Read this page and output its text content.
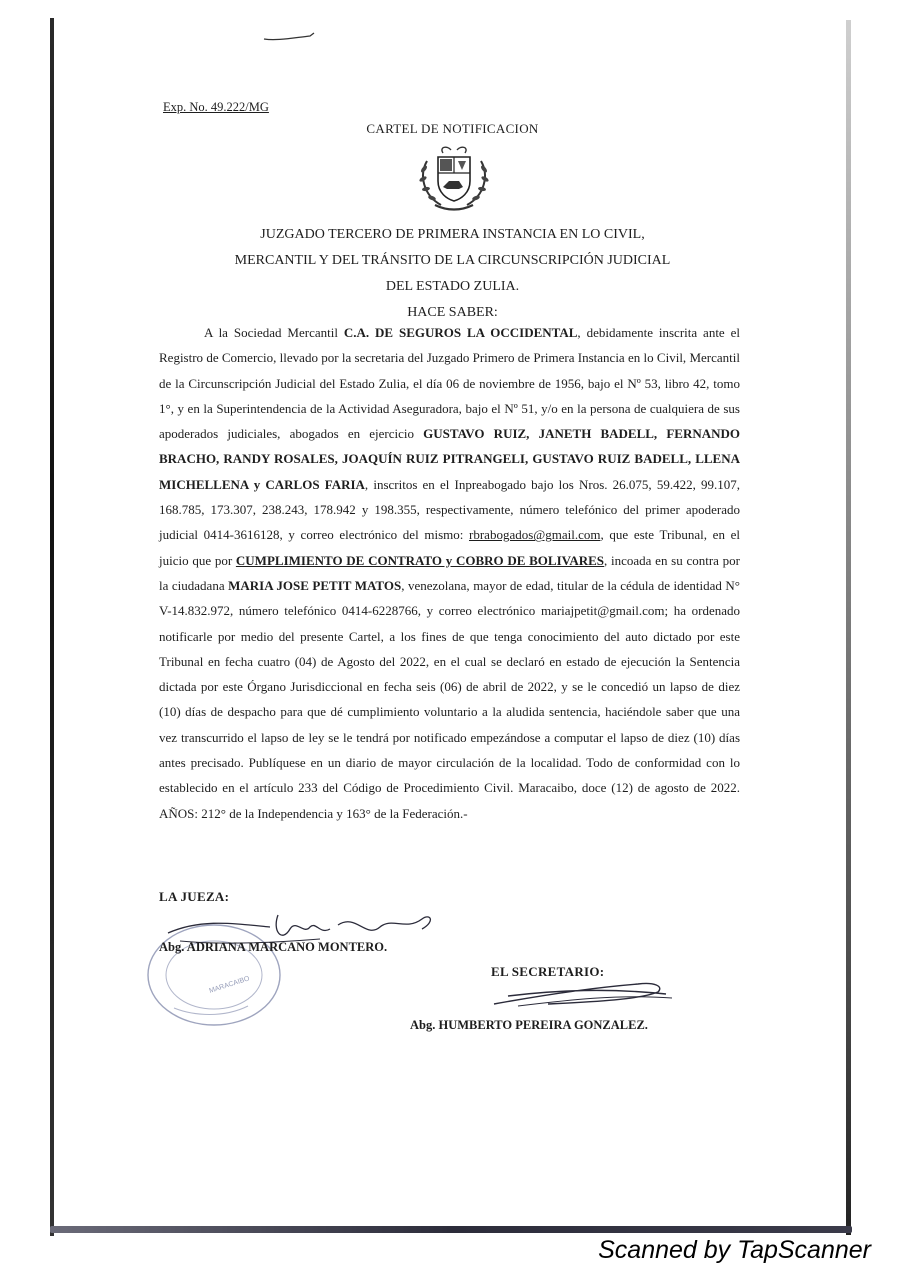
Exp. No. 49.222/MG
CARTEL DE NOTIFICACION
JUZGADO TERCERO DE PRIMERA INSTANCIA EN LO CIVIL,
MERCANTIL Y DEL TRÁNSITO DE LA CIRCUNSCRIPCIÓN JUDICIAL
DEL ESTADO ZULIA.
HACE SABER:
A la Sociedad Mercantil C.A. DE SEGUROS LA OCCIDENTAL, debidamente inscrita ante el Registro de Comercio, llevado por la secretaria del Juzgado Primero de Primera Instancia en lo Civil, Mercantil de la Circunscripción Judicial del Estado Zulia, el día 06 de noviembre de 1956, bajo el Nº 53, libro 42, tomo 1°, y en la Superintendencia de la Actividad Aseguradora, bajo el Nº 51, y/o en la persona de cualquiera de sus apoderados judiciales, abogados en ejercicio GUSTAVO RUIZ, JANETH BADELL, FERNANDO BRACHO, RANDY ROSALES, JOAQUÍN RUIZ PITRANGELI, GUSTAVO RUIZ BADELL, LLENA MICHELLENA y CARLOS FARIA, inscritos en el Inpreabogado bajo los Nros. 26.075, 59.422, 99.107, 168.785, 173.307, 238.243, 178.942 y 198.355, respectivamente, número telefónico del primer apoderado judicial 0414-3616128, y correo electrónico del mismo: rbrabogados@gmail.com, que este Tribunal, en el juicio que por CUMPLIMIENTO DE CONTRATO y COBRO DE BOLIVARES, incoada en su contra por la ciudadana MARIA JOSE PETIT MATOS, venezolana, mayor de edad, titular de la cédula de identidad N° V-14.832.972, número telefónico 0414-6228766, y correo electrónico mariajpetit@gmail.com; ha ordenado notificarle por medio del presente Cartel, a los fines de que tenga conocimiento del auto dictado por este Tribunal en fecha cuatro (04) de Agosto del 2022, en el cual se declaró en estado de ejecución la Sentencia dictada por este Órgano Jurisdiccional en fecha seis (06) de abril de 2022, y se le concedió un lapso de diez (10) días de despacho para que dé cumplimiento voluntario a la aludida sentencia, haciéndole saber que una vez transcurrido el lapso de ley se le tendrá por notificado empezándose a computar el lapso de diez (10) días antes precisado. Publíquese en un diario de mayor circulación de la localidad. Todo de conformidad con lo establecido en el artículo 233 del Código de Procedimiento Civil. Maracaibo, doce (12) de agosto de 2022. AÑOS: 212° de la Independencia y 163° de la Federación.-
LA JUEZA:
MARACAIBO
Abg. ADRIANA MARCANO MONTERO.
EL SECRETARIO:
Abg. HUMBERTO PEREIRA GONZALEZ.
Scanned by TapScanner
